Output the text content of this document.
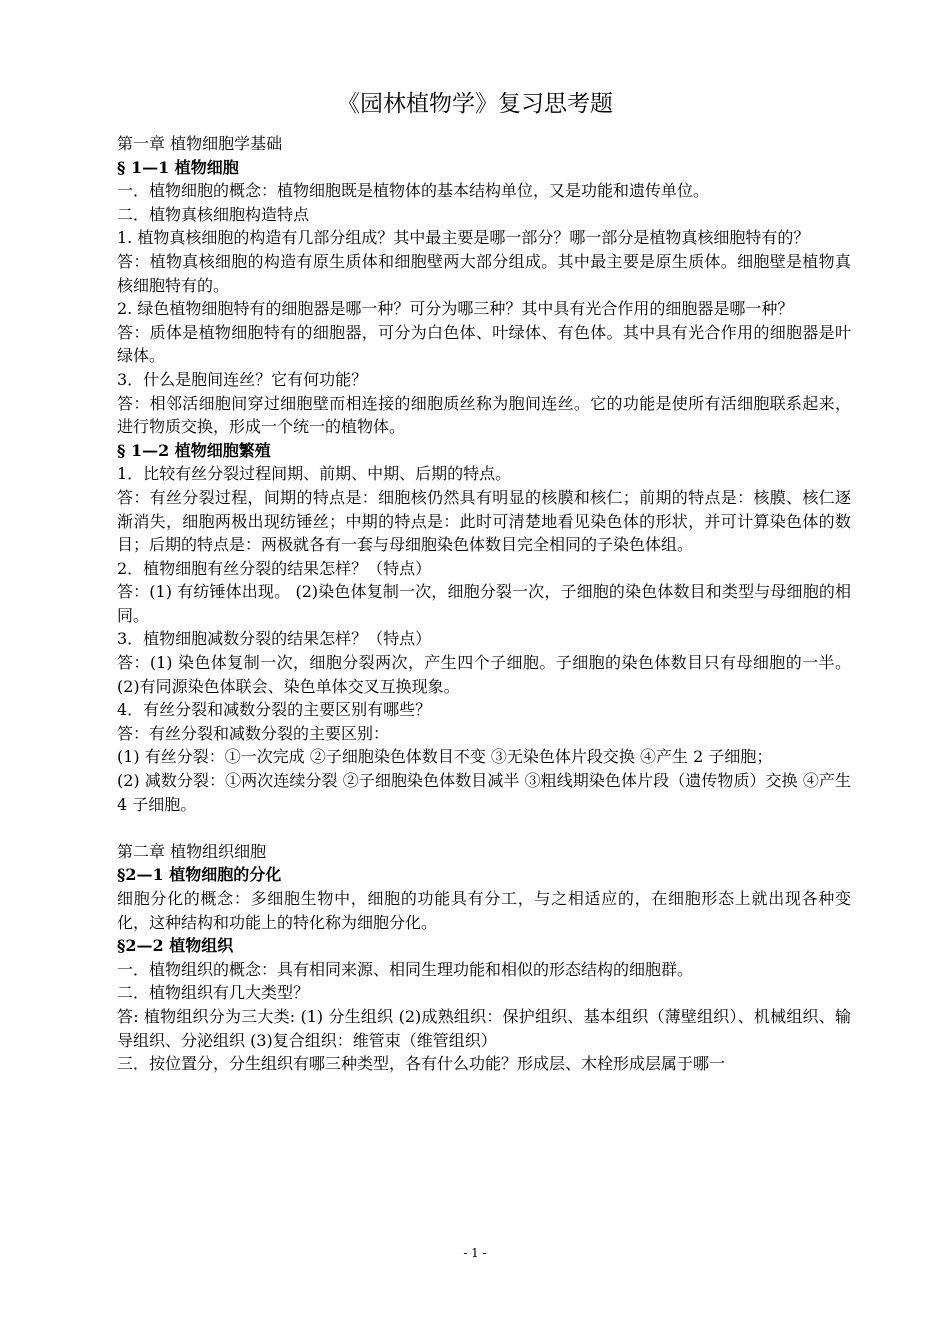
《园林植物学》复习思考题

第一章 植物细胞学基础

§ 1—1 植物细胞

一．植物细胞的概念：植物细胞既是植物体的基本结构单位，又是功能和遗传单位。

二．植物真核细胞构造特点

1. 植物真核细胞的构造有几部分组成？其中最主要是哪一部分？哪一部分是植物真核细胞特有的？

答：植物真核细胞的构造有原生质体和细胞壁两大部分组成。其中最主要是原生质体。细胞壁是植物真核细胞特有的。

2. 绿色植物细胞特有的细胞器是哪一种？可分为哪三种？其中具有光合作用的细胞器是哪一种？

答：质体是植物细胞特有的细胞器，可分为白色体、叶绿体、有色体。其中具有光合作用的细胞器是叶绿体。

3．什么是胞间连丝？它有何功能？

答：相邻活细胞间穿过细胞壁而相连接的细胞质丝称为胞间连丝。它的功能是使所有活细胞联系起来，进行物质交换，形成一个统一的植物体。

§ 1—2 植物细胞繁殖

1．比较有丝分裂过程间期、前期、中期、后期的特点。

答：有丝分裂过程，间期的特点是：细胞核仍然具有明显的核膜和核仁；前期的特点是：核膜、核仁逐渐消失，细胞两极出现纺锤丝；中期的特点是：此时可清楚地看见染色体的形状，并可计算染色体的数目；后期的特点是：两极就各有一套与母细胞染色体数目完全相同的子染色体组。

2．植物细胞有丝分裂的结果怎样？（特点）

答：(1) 有纺锤体出现。 (2)染色体复制一次，细胞分裂一次，子细胞的染色体数目和类型与母细胞的相同。

3．植物细胞减数分裂的结果怎样？（特点）

答：(1) 染色体复制一次，细胞分裂两次，产生四个子细胞。子细胞的染色体数目只有母细胞的一半。 (2)有同源染色体联会、染色单体交叉互换现象。

4．有丝分裂和减数分裂的主要区别有哪些？

答：有丝分裂和减数分裂的主要区别：

(1) 有丝分裂：①一次完成 ②子细胞染色体数目不变 ③无染色体片段交换 ④产生 2 子细胞；

(2) 减数分裂：①两次连续分裂 ②子细胞染色体数目减半 ③粗线期染色体片段（遗传物质）交换 ④产生 4 子细胞。

第二章 植物组织细胞

§2—1 植物细胞的分化

细胞分化的概念：多细胞生物中，细胞的功能具有分工，与之相适应的，在细胞形态上就出现各种变化，这种结构和功能上的特化称为细胞分化。

§2—2 植物组织

一．植物组织的概念：具有相同来源、相同生理功能和相似的形态结构的细胞群。

二．植物组织有几大类型？

答: 植物组织分为三大类: (1) 分生组织 (2)成熟组织：保护组织、基本组织（薄壁组织）、机械组织、输导组织、分泌组织 (3)复合组织：维管束（维管组织）

三．按位置分，分生组织有哪三种类型，各有什么功能？形成层、木栓形成层属于哪一

- 1 -
